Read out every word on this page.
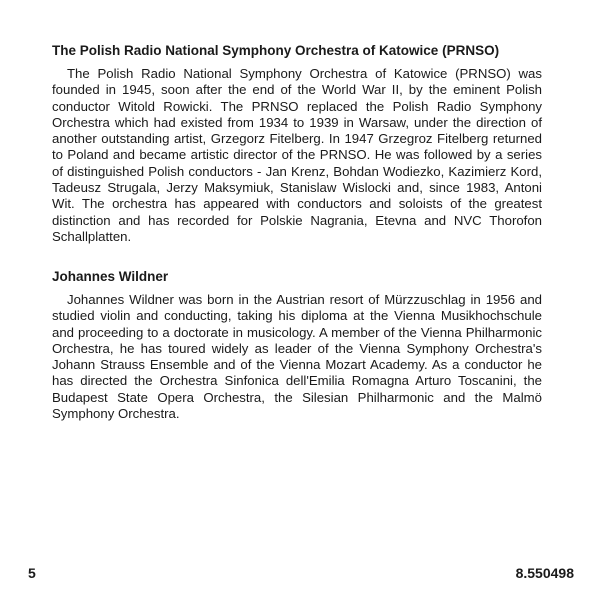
The Polish Radio National Symphony Orchestra of Katowice (PRNSO)

The Polish Radio National Symphony Orchestra of Katowice (PRNSO) was founded in 1945, soon after the end of the World War II, by the eminent Polish conductor Witold Rowicki. The PRNSO replaced the Polish Radio Symphony Orchestra which had existed from 1934 to 1939 in Warsaw, under the direction of another outstanding artist, Grzegorz Fitelberg. In 1947 Grzegroz Fitelberg returned to Poland and became artistic director of the PRNSO. He was followed by a series of distinguished Polish conductors - Jan Krenz, Bohdan Wodiezko, Kazimierz Kord, Tadeusz Strugala, Jerzy Maksymiuk, Stanislaw Wislocki and, since 1983, Antoni Wit. The orchestra has appeared with conductors and soloists of the greatest distinction and has recorded for Polskie Nagrania, Etevna and NVC Thorofon Schallplatten.

Johannes Wildner

Johannes Wildner was born in the Austrian resort of Mürzzuschlag in 1956 and studied violin and conducting, taking his diploma at the Vienna Musikhochschule and proceeding to a doctorate in musicology. A member of the Vienna Philharmonic Orchestra, he has toured widely as leader of the Vienna Symphony Orchestra's Johann Strauss Ensemble and of the Vienna Mozart Academy. As a conductor he has directed the Orchestra Sinfonica dell'Emilia Romagna Arturo Toscanini, the Budapest State Opera Orchestra, the Silesian Philharmonic and the Malmö Symphony Orchestra.

5	8.550498
